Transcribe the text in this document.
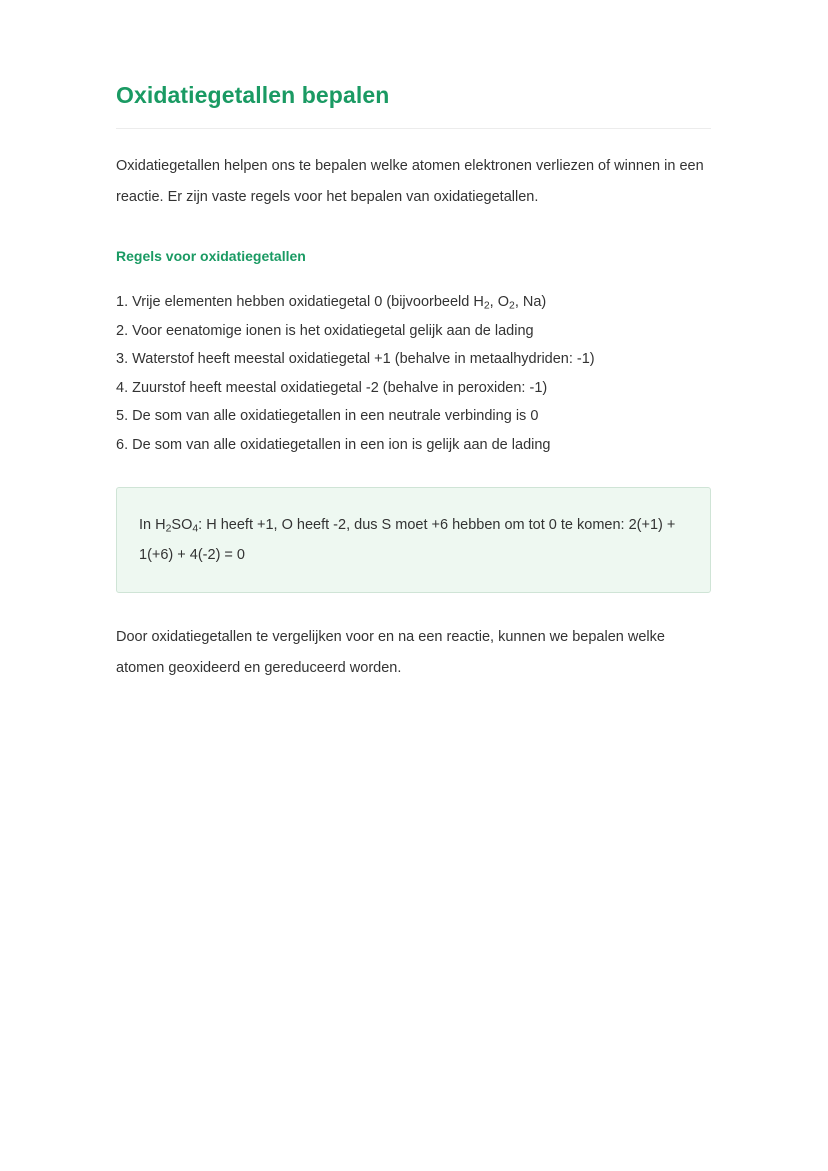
Oxidatiegetallen bepalen

Oxidatiegetallen helpen ons te bepalen welke atomen elektronen verliezen of winnen in een reactie. Er zijn vaste regels voor het bepalen van oxidatiegetallen.

Regels voor oxidatiegetallen
1. Vrije elementen hebben oxidatiegetal 0 (bijvoorbeeld $H_2$, $O_2$, Na)
2. Voor eenatomige ionen is het oxidatiegetal gelijk aan de lading
3. Waterstof heeft meestal oxidatiegetal +1 (behalve in metaalhydriden: -1)
4. Zuurstof heeft meestal oxidatiegetal -2 (behalve in peroxiden: -1)
5. De som van alle oxidatiegetallen in een neutrale verbinding is 0
6. De som van alle oxidatiegetallen in een ion is gelijk aan de lading

In $H_2SO_4$: H heeft +1, O heeft -2, dus S moet +6 hebben om tot 0 te komen: 2(+1) + 1(+6) + 4(-2) = 0

Door oxidatiegetallen te vergelijken voor en na een reactie, kunnen we bepalen welke atomen geoxideerd en gereduceerd worden.
